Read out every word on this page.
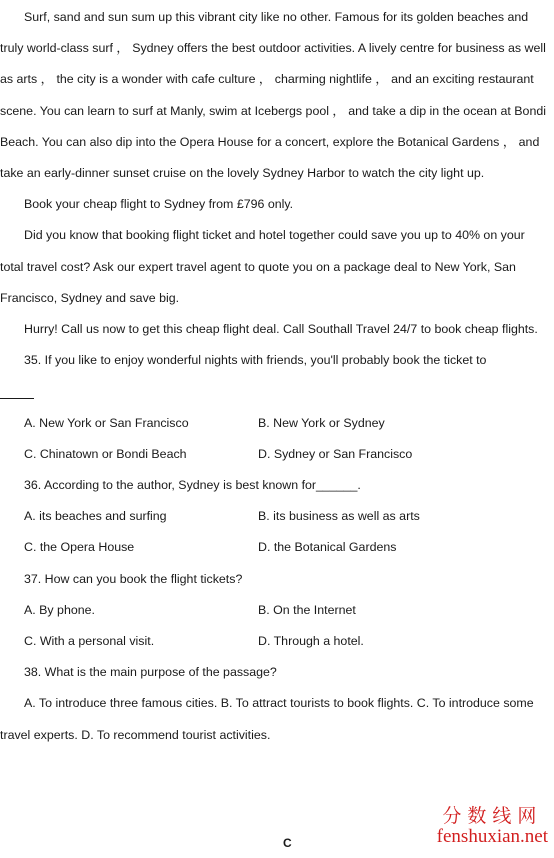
Surf, sand and sun sum up this vibrant city like no other. Famous for its golden beaches and truly world-class surf ， Sydney offers the best outdoor activities. A lively centre for business as well as arts ， the city is a wonder with cafe culture ， charming nightlife ， and an exciting restaurant scene. You can learn to surf at Manly, swim at Icebergs pool ， and take a dip in the ocean at Bondi Beach. You can also dip into the Opera House for a concert, explore the Botanical Gardens ， and take an early-dinner sunset cruise on the lovely Sydney Harbor to watch the city light up.

Book your cheap flight to Sydney from £796 only.

Did you know that booking flight ticket and hotel together could save you up to 40% on your total travel cost? Ask our expert travel agent to quote you on a package deal to New York, San Francisco, Sydney and save big.

Hurry! Call us now to get this cheap flight deal. Call Southall Travel 24/7 to book cheap flights.

35. If you like to enjoy wonderful nights with friends, you'll probably book the ticket to

A. New York or San Francisco	B. New York or Sydney
C. Chinatown or Bondi Beach	D. Sydney or San Francisco

36. According to the author, Sydney is best known for______.

A. its beaches and surfing	B. its business as well as arts
C. the Opera House	D. the Botanical Gardens

37. How can you book the flight tickets?

A. By phone.	B. On the Internet
C. With a personal visit.	D. Through a hotel.

38. What is the main purpose of the passage?

A. To introduce three famous cities. B. To attract tourists to book flights. C. To introduce some travel experts. D. To recommend tourist activities.

C
分数线网
fenshuxian.net
